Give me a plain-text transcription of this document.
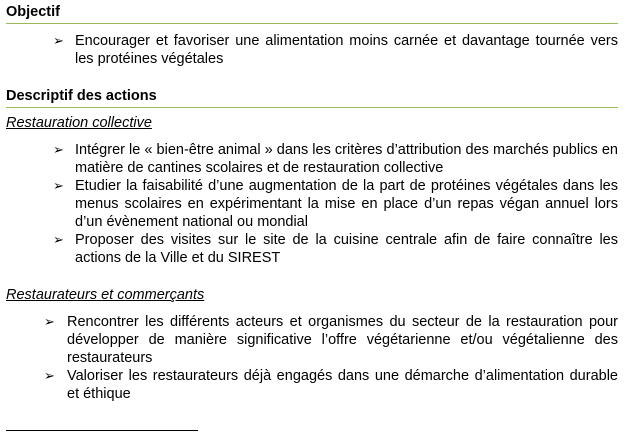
Objectif
➢ Encourager et favoriser une alimentation moins carnée et davantage tournée vers les protéines végétales
Descriptif des actions

Restauration collective

➢ Intégrer le « bien-être animal » dans les critères d’attribution des marchés publics en matière de cantines scolaires et de restauration collective
➢ Etudier la faisabilité d’une augmentation de la part de protéines végétales dans les menus scolaires en expérimentant la mise en place d’un repas végan annuel lors d’un évènement national ou mondial
➢ Proposer des visites sur le site de la cuisine centrale afin de faire connaître les actions de la Ville et du SIREST

Restaurateurs et commerçants

➢ Rencontrer les différents acteurs et organismes du secteur de la restauration pour développer de manière significative l’offre végétarienne et/ou végétalienne des restaurateurs
➢ Valoriser les restaurateurs déjà engagés dans une démarche d’alimentation durable et éthique
